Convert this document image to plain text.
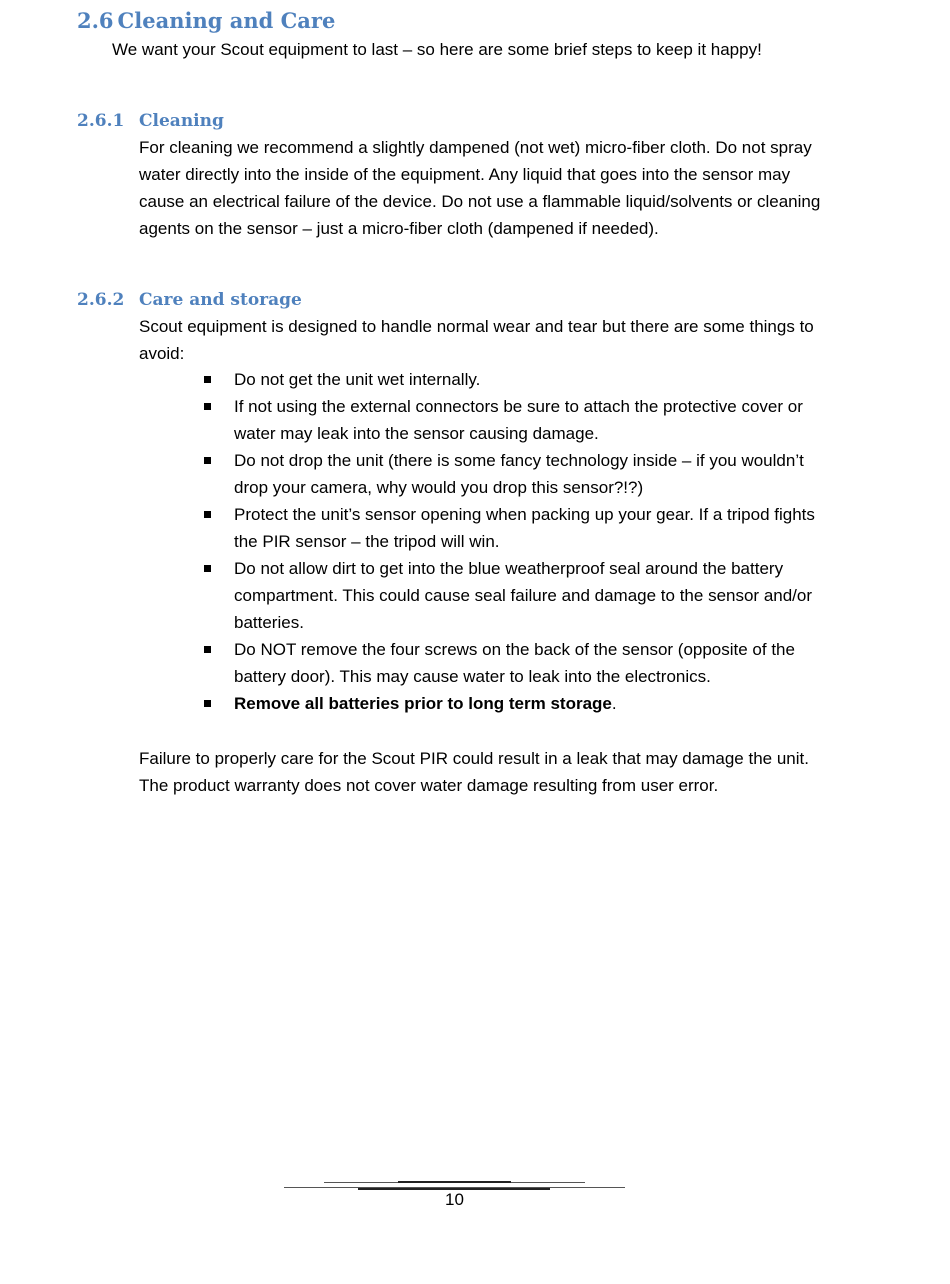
2.6 Cleaning and Care
We want your Scout equipment to last – so here are some brief steps to keep it happy!
2.6.1 Cleaning
For cleaning we recommend a slightly dampened (not wet) micro-fiber cloth. Do not spray
water directly into the inside of the equipment. Any liquid that goes into the sensor may
cause an electrical failure of the device. Do not use a flammable liquid/solvents or cleaning
agents on the sensor – just a micro-fiber cloth (dampened if needed).
2.6.2 Care and storage
Scout equipment is designed to handle normal wear and tear but there are some things to
avoid:
Do not get the unit wet internally.
If not using the external connectors be sure to attach the protective cover or
water may leak into the sensor causing damage.
Do not drop the unit (there is some fancy technology inside – if you wouldn’t
drop your camera, why would you drop this sensor?!?)
Protect the unit’s sensor opening when packing up your gear. If a tripod fights
the PIR sensor – the tripod will win.
Do not allow dirt to get into the blue weatherproof seal around the battery
compartment. This could cause seal failure and damage to the sensor and/or
batteries.
Do NOT remove the four screws on the back of the sensor (opposite of the
battery door). This may cause water to leak into the electronics.
Remove all batteries prior to long term storage.
Failure to properly care for the Scout PIR could result in a leak that may damage the unit.
The product warranty does not cover water damage resulting from user error.
10
